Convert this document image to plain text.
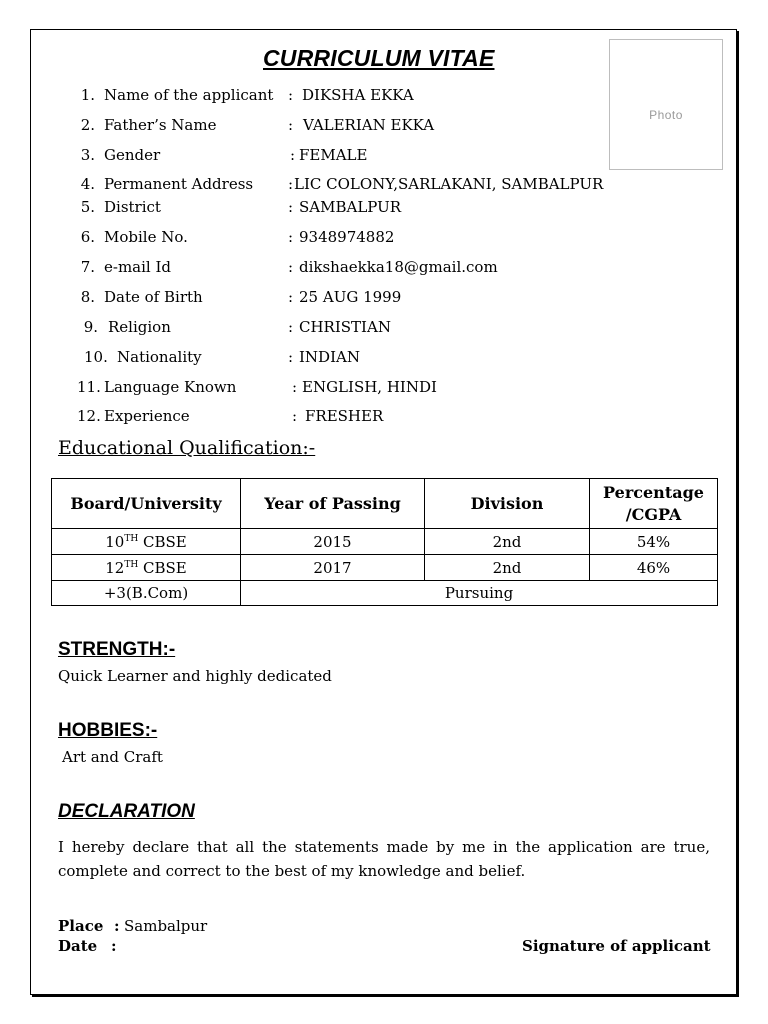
Photo
CURRICULUM VITAE
1. Name of the applicant : DIKSHA EKKA
2. Father’s Name	: VALERIAN EKKA
3. Gender	: FEMALE
4. Permanent Address : LIC COLONY,SARLAKANI, SAMBALPUR
5. District	: SAMBALPUR
6. Mobile No.	: 9348974882
7. e-mail Id	: dikshaekka18@gmail.com
8. Date of Birth	: 25 AUG 1999
9. Religion	: CHRISTIAN
10. Nationality	: INDIAN
11. Language Known	: ENGLISH, HINDI
12. Experience	: FRESHER
Educational Qualification:-
Board/University	Year of Passing	Division	Percentage /CGPA
10TH CBSE	2015	2nd	54%
12TH CBSE	2017	2nd	46%
+3(B.Com)	Pursuing		
STRENGTH:-
Quick Learner and highly dedicated
HOBBIES:-
Art and Craft
DECLARATION
I hereby declare that all the statements made by me in the application are true,
complete and correct to the best of my knowledge and belief.
Place : Sambalpur
Date :	Signature of applicant
